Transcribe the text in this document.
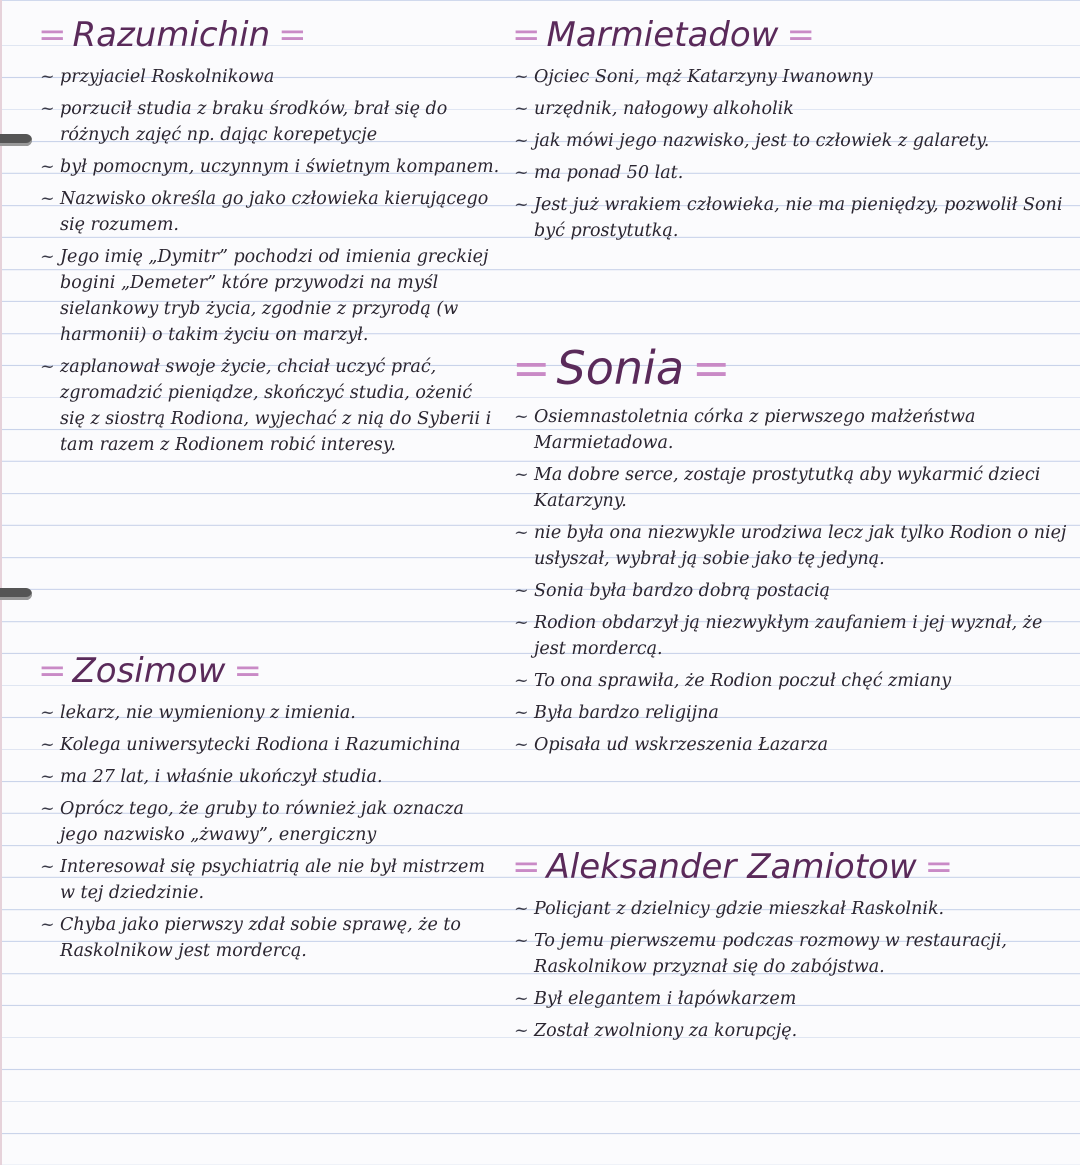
= Razumichin =
~ przyjaciel Roskolnikowa
~ porzucił studia z braku środków, brał się do różnych zajęć np. dając korepetycje
~ był pomocnym, uczynnym i świetnym kompanem.
~ Nazwisko określa go jako człowieka kierującego się rozumem.
~ Jego imię „Dymitr” pochodzi od imienia greckiej bogini „Demeter” które przywodzi na myśl sielankowy tryb życia, zgodnie z przyrodą (w harmonii) o takim życiu on marzył.
~ zaplanował swoje życie, chciał uczyć prać, zgromadzić pieniądze, skończyć studia, ożenić się z siostrą Rodiona, wyjechać z nią do Syberii i tam razem z Rodionem robić interesy.
= Zosimow =
~ lekarz, nie wymieniony z imienia.
~ Kolega uniwersytecki Rodiona i Razumichina
~ ma 27 lat, i właśnie ukończył studia.
~ Oprócz tego, że gruby to również jak oznacza jego nazwisko „żwawy”, energiczny
~ Interesował się psychiatrią ale nie był mistrzem w tej dziedzinie.
~ Chyba jako pierwszy zdał sobie sprawę, że to Raskolnikow jest mordercą.
= Marmietadow =
~ Ojciec Soni, mąż Katarzyny Iwanowny
~ urzędnik, nałogowy alkoholik
~ jak mówi jego nazwisko, jest to człowiek z galarety.
~ ma ponad 50 lat.
~ Jest już wrakiem człowieka, nie ma pieniędzy, pozwolił Soni być prostytutką.
= Sonia =
~ Osiemnastoletnia córka z pierwszego małżeństwa Marmietadowa.
~ Ma dobre serce, zostaje prostytutką aby wykarmić dzieci Katarzyny.
~ nie była ona niezwykle urodziwa lecz jak tylko Rodion o niej usłyszał, wybrał ją sobie jako tę jedyną.
~ Sonia była bardzo dobrą postacią
~ Rodion obdarzył ją niezwykłym zaufaniem i jej wyznał, że jest mordercą.
~ To ona sprawiła, że Rodion poczuł chęć zmiany
~ Była bardzo religijna
~ Opisała ud wskrzeszenia Łazarza
= Aleksander Zamiotow =
~ Policjant z dzielnicy gdzie mieszkał Raskolnik.
~ To jemu pierwszemu podczas rozmowy w restauracji, Raskolnikow przyznał się do zabójstwa.
~ Był elegantem i łapówkarzem
~ Został zwolniony za korupcję.
